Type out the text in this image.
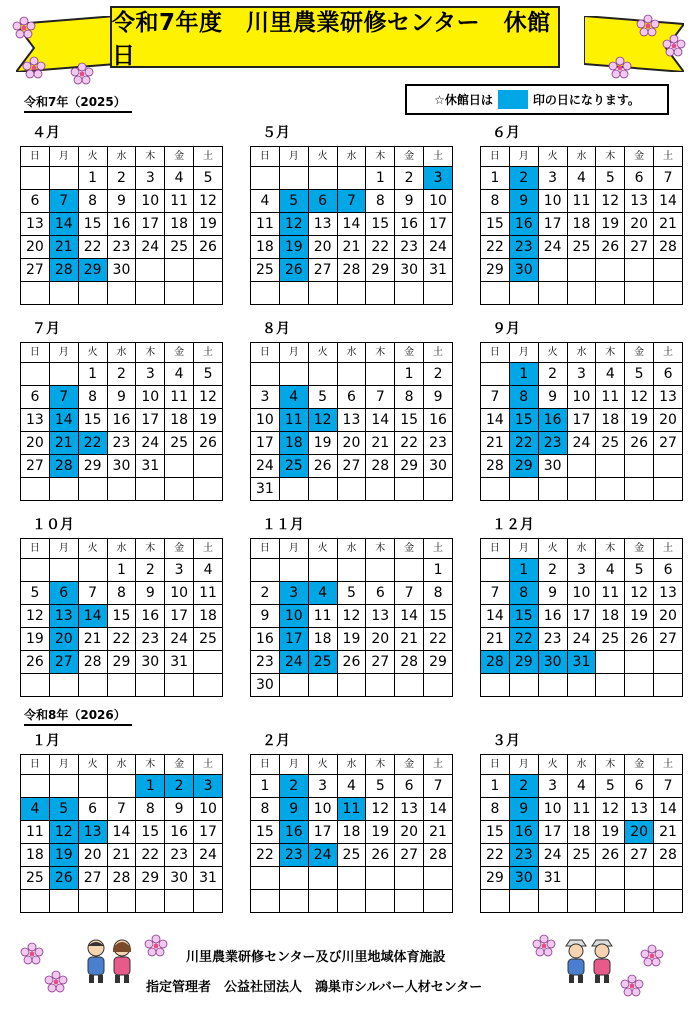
令和7年度　川里農業研修センター　休館日
令和7年（2025）
令和8年（2026）
☆休館日は	印の日になります。
４月
日	月	火	水	木	金	土
		1	2	3	4	5
6	7	8	9	10	11	12
13	14	15	16	17	18	19
20	21	22	23	24	25	26
27	28	29	30			

５月
日	月	火	水	木	金	土
				1	2	3
4	5	6	7	8	9	10
11	12	13	14	15	16	17
18	19	20	21	22	23	24
25	26	27	28	29	30	31

６月
日	月	火	水	木	金	土
1	2	3	4	5	6	7
8	9	10	11	12	13	14
15	16	17	18	19	20	21
22	23	24	25	26	27	28
29	30					

７月
日	月	火	水	木	金	土
		1	2	3	4	5
6	7	8	9	10	11	12
13	14	15	16	17	18	19
20	21	22	23	24	25	26
27	28	29	30	31		

８月
日	月	火	水	木	金	土
					1	2
3	4	5	6	7	8	9
10	11	12	13	14	15	16
17	18	19	20	21	22	23
24	25	26	27	28	29	30
31						
９月
日	月	火	水	木	金	土
	1	2	3	4	5	6
7	8	9	10	11	12	13
14	15	16	17	18	19	20
21	22	23	24	25	26	27
28	29	30				

１０月
日	月	火	水	木	金	土
			1	2	3	4
5	6	7	8	9	10	11
12	13	14	15	16	17	18
19	20	21	22	23	24	25
26	27	28	29	30	31	

１１月
日	月	火	水	木	金	土
						1
2	3	4	5	6	7	8
9	10	11	12	13	14	15
16	17	18	19	20	21	22
23	24	25	26	27	28	29
30						
１２月
日	月	火	水	木	金	土
	1	2	3	4	5	6
7	8	9	10	11	12	13
14	15	16	17	18	19	20
21	22	23	24	25	26	27
28	29	30	31			

１月
日	月	火	水	木	金	土
				1	2	3
4	5	6	7	8	9	10
11	12	13	14	15	16	17
18	19	20	21	22	23	24
25	26	27	28	29	30	31

２月
日	月	火	水	木	金	土
1	2	3	4	5	6	7
8	9	10	11	12	13	14
15	16	17	18	19	20	21
22	23	24	25	26	27	28

３月
日	月	火	水	木	金	土
1	2	3	4	5	6	7
8	9	10	11	12	13	14
15	16	17	18	19	20	21
22	23	24	25	26	27	28
29	30	31				

川里農業研修センター及び川里地域体育施設
指定管理者　公益社団法人　鴻巣市シルバー人材センター
